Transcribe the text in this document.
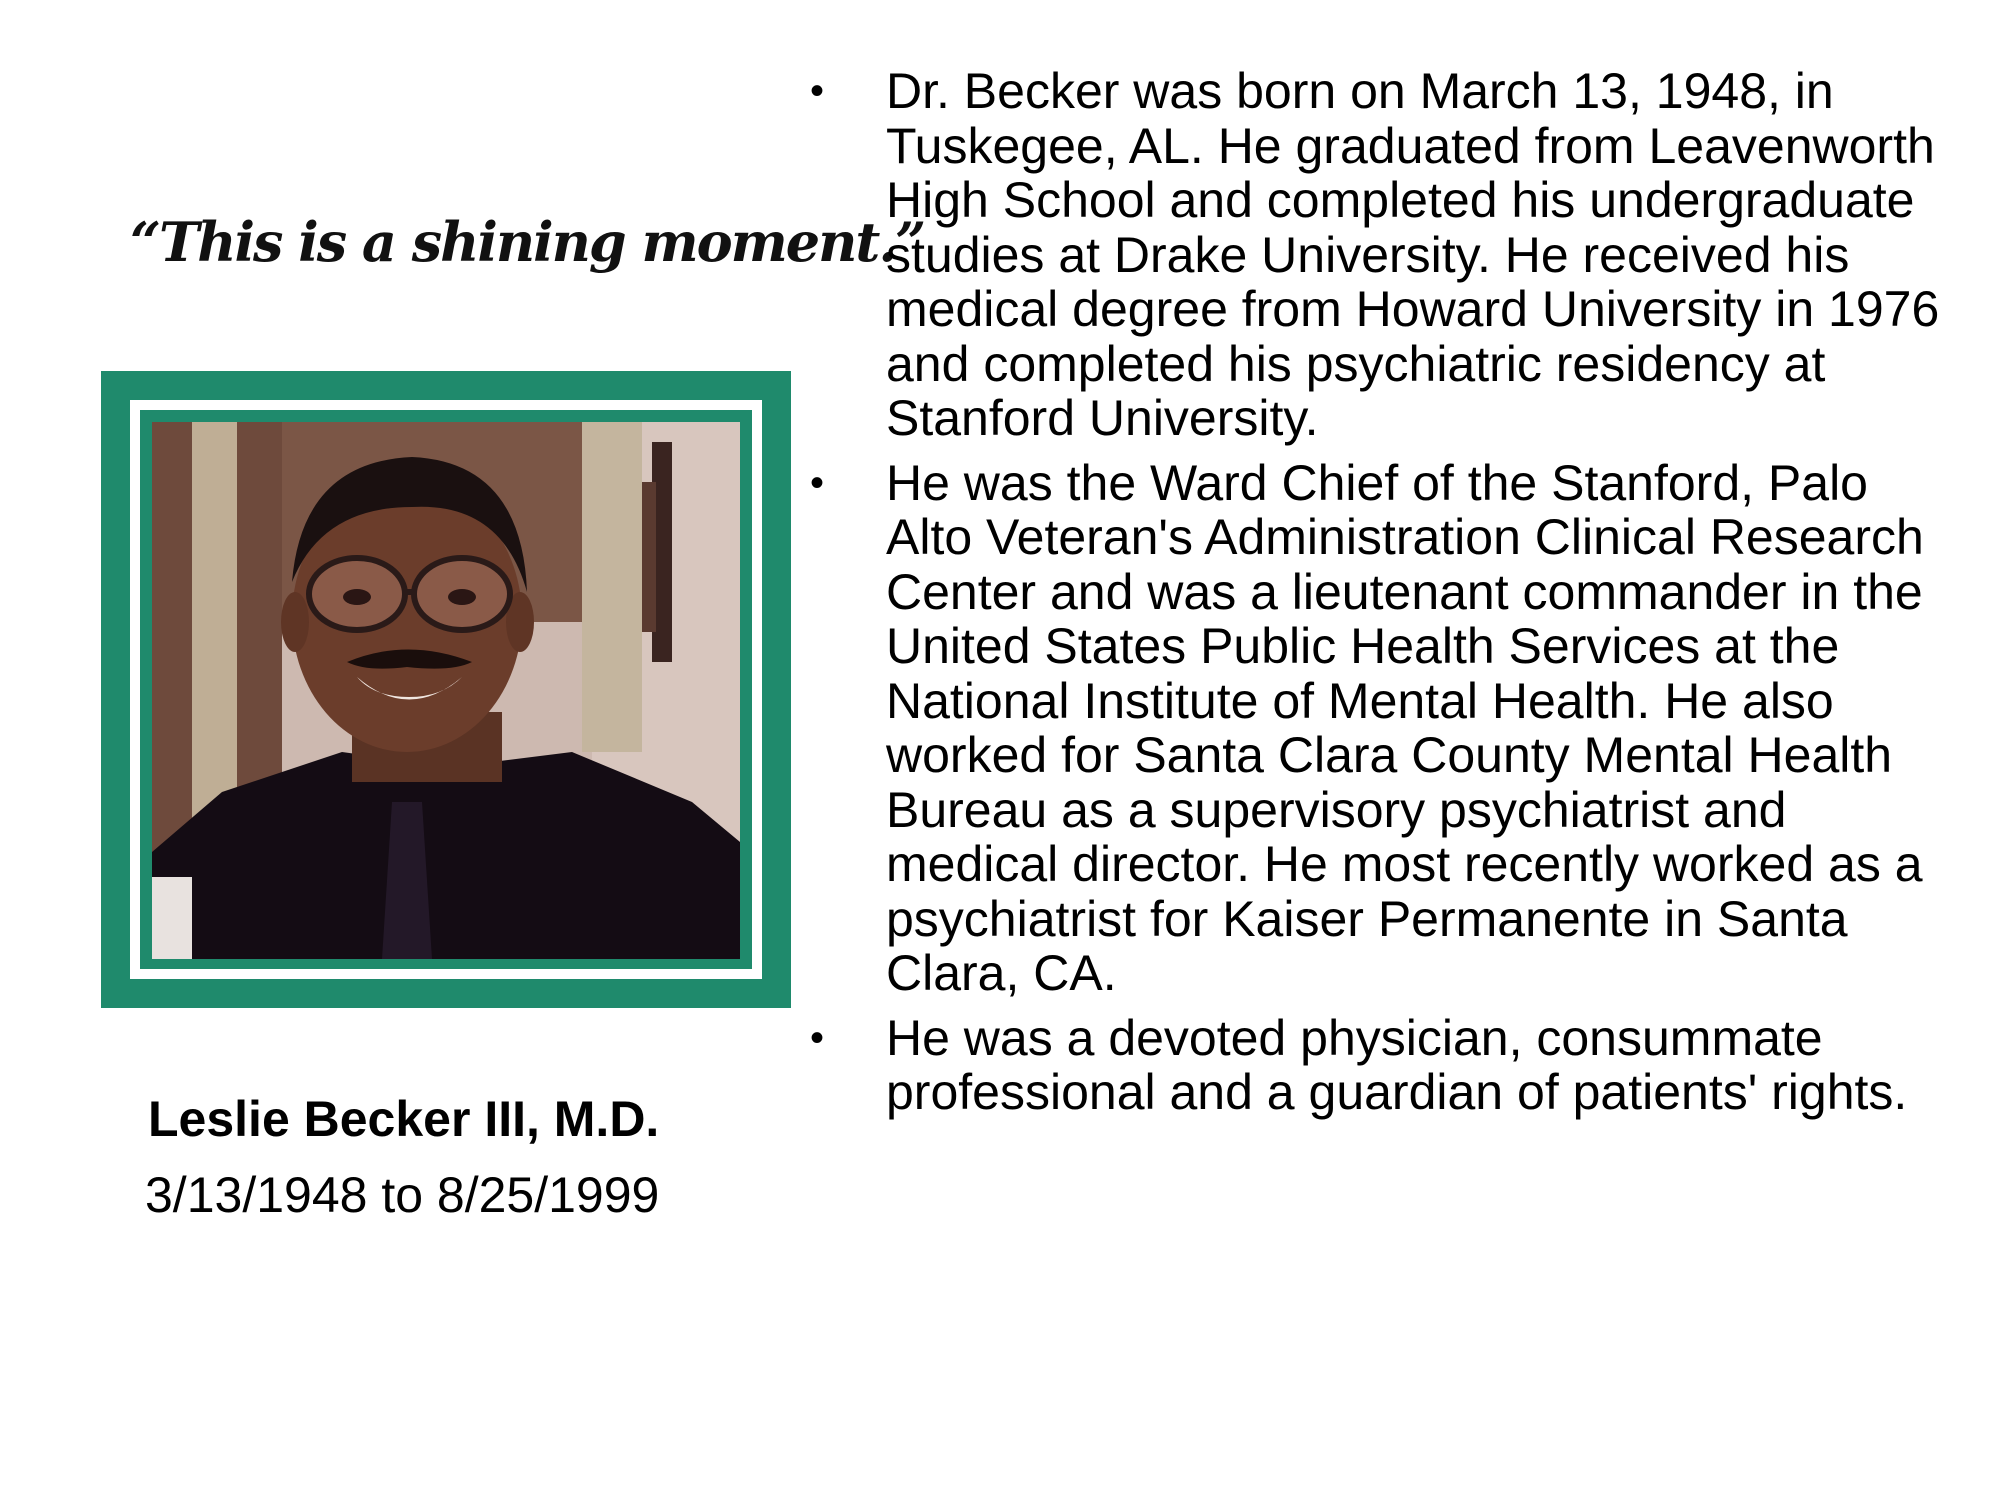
“This is a shining moment.”
Leslie Becker III, M.D.
3/13/1948 to 8/25/1999
•	Dr. Becker was born on March 13, 1948, in Tuskegee, AL. He graduated from Leavenworth High School and completed his undergraduate studies at Drake University. He received his medical degree from Howard University in 1976 and completed his psychiatric residency at Stanford University.
•	He was the Ward Chief of the Stanford, Palo Alto Veteran's Administration Clinical Research Center and was a lieutenant commander in the United States Public Health Services at the National Institute of Mental Health. He also worked for Santa Clara County Mental Health Bureau as a supervisory psychiatrist and medical director. He most recently worked as a psychiatrist for Kaiser Permanente in Santa Clara, CA.
•	He was a devoted physician, consummate professional and a guardian of patients' rights.
